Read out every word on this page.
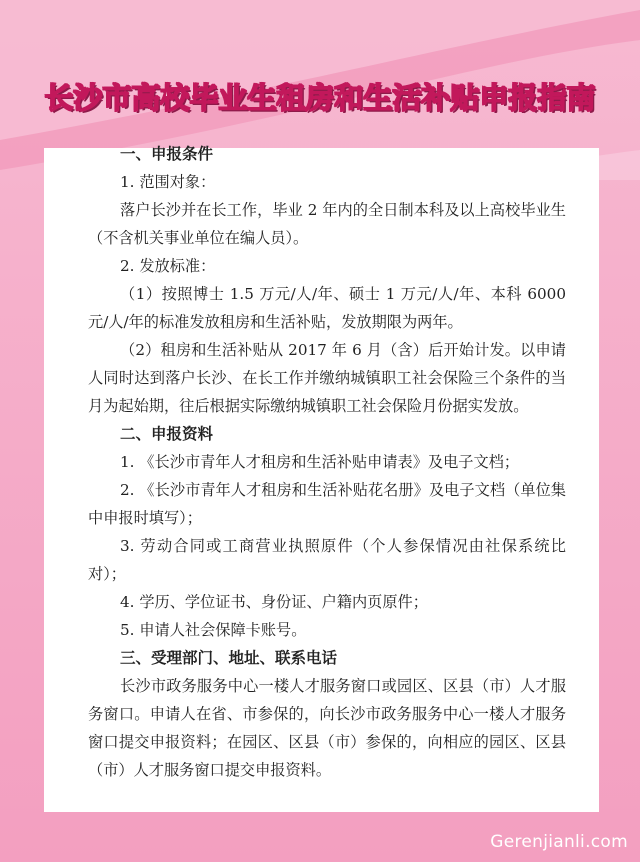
长沙市高校毕业生租房和生活补贴申报指南

一、申报条件

1. 范围对象：

落户长沙并在长工作，毕业 2 年内的全日制本科及以上高校毕业生（不含机关事业单位在编人员）。

2. 发放标准：

（1）按照博士 1.5 万元/人/年、硕士 1 万元/人/年、本科 6000 元/人/年的标准发放租房和生活补贴，发放期限为两年。

（2）租房和生活补贴从 2017 年 6 月（含）后开始计发。以申请人同时达到落户长沙、在长工作并缴纳城镇职工社会保险三个条件的当月为起始期，往后根据实际缴纳城镇职工社会保险月份据实发放。

二、申报资料

1. 《长沙市青年人才租房和生活补贴申请表》及电子文档；

2. 《长沙市青年人才租房和生活补贴花名册》及电子文档（单位集中申报时填写）；

3. 劳动合同或工商营业执照原件（个人参保情况由社保系统比对）；

4. 学历、学位证书、身份证、户籍内页原件；

5. 申请人社会保障卡账号。

三、受理部门、地址、联系电话

长沙市政务服务中心一楼人才服务窗口或园区、区县（市）人才服务窗口。申请人在省、市参保的，向长沙市政务服务中心一楼人才服务窗口提交申报资料；在园区、区县（市）参保的，向相应的园区、区县（市）人才服务窗口提交申报资料。

Gerenjianli.com
